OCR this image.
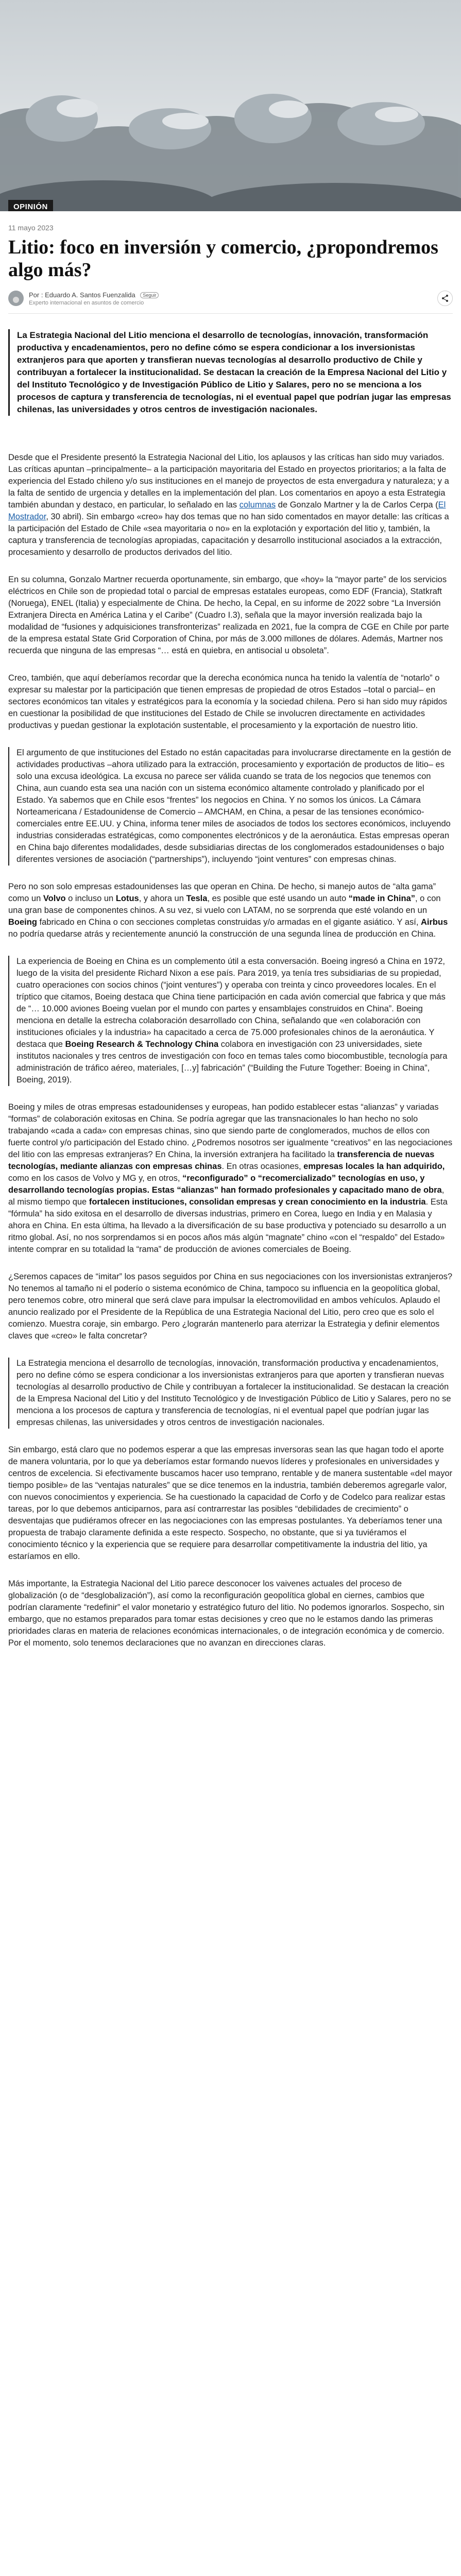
OPINIÓN
11 mayo 2023
Litio: foco en inversión y comercio, ¿propondremos algo más?
Por : Eduardo A. Santos Fuenzalida Seguir
Experto internacional en asuntos de comercio

La Estrategia Nacional del Litio menciona el desarrollo de tecnologías, innovación, transformación productiva y encadenamientos, pero no define cómo se espera condicionar a los inversionistas extranjeros para que aporten y transfieran nuevas tecnologías al desarrollo productivo de Chile y contribuyan a fortalecer la institucionalidad. Se destacan la creación de la Empresa Nacional del Litio y del Instituto Tecnológico y de Investigación Público de Litio y Salares, pero no se menciona a los procesos de captura y transferencia de tecnologías, ni el eventual papel que podrían jugar las empresas chilenas, las universidades y otros centros de investigación nacionales.

Desde que el Presidente presentó la Estrategia Nacional del Litio, los aplausos y las críticas han sido muy variados. Las críticas apuntan –principalmente– a la participación mayoritaria del Estado en proyectos prioritarios; a la falta de experiencia del Estado chileno y/o sus instituciones en el manejo de proyectos de esta envergadura y naturaleza; y a la falta de sentido de urgencia y detalles en la implementación del plan. Los comentarios en apoyo a esta Estrategia también abundan y destaco, en particular, lo señalado en las columnas de Gonzalo Martner y la de Carlos Cerpa (El Mostrador, 30 abril). Sin embargo «creo» hay dos temas que no han sido comentados en mayor detalle: las críticas a la participación del Estado de Chile «sea mayoritaria o no» en la explotación y exportación del litio y, también, la captura y transferencia de tecnologías apropiadas, capacitación y desarrollo institucional asociados a la extracción, procesamiento y desarrollo de productos derivados del litio.

En su columna, Gonzalo Martner recuerda oportunamente, sin embargo, que «hoy» la “mayor parte” de los servicios eléctricos en Chile son de propiedad total o parcial de empresas estatales europeas, como EDF (Francia), Statkraft (Noruega), ENEL (Italia) y especialmente de China. De hecho, la Cepal, en su informe de 2022 sobre “La Inversión Extranjera Directa en América Latina y el Caribe” (Cuadro I.3), señala que la mayor inversión realizada bajo la modalidad de “fusiones y adquisiciones transfronterizas” realizada en 2021, fue la compra de CGE en Chile por parte de la empresa estatal State Grid Corporation of China, por más de 3.000 millones de dólares. Además, Martner nos recuerda que ninguna de las empresas “… está en quiebra, en antisocial u obsoleta”.

Creo, también, que aquí deberíamos recordar que la derecha económica nunca ha tenido la valentía de “notarlo” o expresar su malestar por la participación que tienen empresas de propiedad de otros Estados –total o parcial– en sectores económicos tan vitales y estratégicos para la economía y la sociedad chilena. Pero si han sido muy rápidos en cuestionar la posibilidad de que instituciones del Estado de Chile se involucren directamente en actividades productivas y puedan gestionar la explotación sustentable, el procesamiento y la exportación de nuestro litio.

El argumento de que instituciones del Estado no están capacitadas para involucrarse directamente en la gestión de actividades productivas –ahora utilizado para la extracción, procesamiento y exportación de productos de litio– es solo una excusa ideológica. La excusa no parece ser válida cuando se trata de los negocios que tenemos con China, aun cuando esta sea una nación con un sistema económico altamente controlado y planificado por el Estado. Ya sabemos que en Chile esos “frentes” los negocios en China. Y no somos los únicos. La Cámara Norteamericana / Estadounidense de Comercio – AMCHAM, en China, a pesar de las tensiones económico-comerciales entre EE.UU. y China, informa tener miles de asociados de todos los sectores económicos, incluyendo industrias consideradas estratégicas, como componentes electrónicos y de la aeronáutica. Estas empresas operan en China bajo diferentes modalidades, desde subsidiarias directas de los conglomerados estadounidenses o bajo diferentes versiones de asociación (“partnerships”), incluyendo “joint ventures” con empresas chinas.

Pero no son solo empresas estadounidenses las que operan en China. De hecho, si manejo autos de “alta gama” como un Volvo o incluso un Lotus, y ahora un Tesla, es posible que esté usando un auto “made in China”, o con una gran base de componentes chinos. A su vez, si vuelo con LATAM, no se sorprenda que esté volando en un Boeing fabricado en China o con secciones completas construidas y/o armadas en el gigante asiático. Y así, Airbus no podría quedarse atrás y recientemente anunció la construcción de una segunda línea de producción en China.

La experiencia de Boeing en China es un complemento útil a esta conversación. Boeing ingresó a China en 1972, luego de la visita del presidente Richard Nixon a ese país. Para 2019, ya tenía tres subsidiarias de su propiedad, cuatro operaciones con socios chinos (“joint ventures”) y operaba con treinta y cinco proveedores locales. En el tríptico que citamos, Boeing destaca que China tiene participación en cada avión comercial que fabrica y que más de “… 10.000 aviones Boeing vuelan por el mundo con partes y ensamblajes construidos en China”. Boeing menciona en detalle la estrecha colaboración desarrollado con China, señalando que «en colaboración con instituciones oficiales y la industria» ha capacitado a cerca de 75.000 profesionales chinos de la aeronáutica. Y destaca que Boeing Research & Technology China colabora en investigación con 23 universidades, siete institutos nacionales y tres centros de investigación con foco en temas tales como biocombustible, tecnología para administración de tráfico aéreo, materiales, […y] fabricación” (“Building the Future Together: Boeing in China”, Boeing, 2019).

Boeing y miles de otras empresas estadounidenses y europeas, han podido establecer estas “alianzas” y variadas “formas” de colaboración exitosas en China. Se podría agregar que las transnacionales lo han hecho no solo trabajando «cada a cada» con empresas chinas, sino que siendo parte de conglomerados, muchos de ellos con fuerte control y/o participación del Estado chino. ¿Podremos nosotros ser igualmente “creativos” en las negociaciones del litio con las empresas extranjeras? En China, la inversión extranjera ha facilitado la transferencia de nuevas tecnologías, mediante alianzas con empresas chinas. En otras ocasiones, empresas locales la han adquirido, como en los casos de Volvo y MG y, en otros, “reconfigurado” o “recomercializado” tecnologías en uso, y desarrollando tecnologías propias. Estas “alianzas” han formado profesionales y capacitado mano de obra, al mismo tiempo que fortalecen instituciones, consolidan empresas y crean conocimiento en la industria. Esta “fórmula” ha sido exitosa en el desarrollo de diversas industrias, primero en Corea, luego en India y en Malasia y ahora en China. En esta última, ha llevado a la diversificación de su base productiva y potenciado su desarrollo a un ritmo global. Así, no nos sorprendamos si en pocos años más algún “magnate” chino «con el “respaldo” del Estado» intente comprar en su totalidad la “rama” de producción de aviones comerciales de Boeing.

¿Seremos capaces de “imitar” los pasos seguidos por China en sus negociaciones con los inversionistas extranjeros? No tenemos al tamaño ni el poderío o sistema económico de China, tampoco su influencia en la geopolítica global, pero tenemos cobre, otro mineral que será clave para impulsar la electromovilidad en ambos vehículos. Aplaudo el anuncio realizado por el Presidente de la República de una Estrategia Nacional del Litio, pero creo que es solo el comienzo. Muestra coraje, sin embargo. Pero ¿lograrán mantenerlo para aterrizar la Estrategia y definir elementos claves que «creo» le falta concretar?

La Estrategia menciona el desarrollo de tecnologías, innovación, transformación productiva y encadenamientos, pero no define cómo se espera condicionar a los inversionistas extranjeros para que aporten y transfieran nuevas tecnologías al desarrollo productivo de Chile y contribuyan a fortalecer la institucionalidad. Se destacan la creación de la Empresa Nacional del Litio y del Instituto Tecnológico y de Investigación Público de Litio y Salares, pero no se menciona a los procesos de captura y transferencia de tecnologías, ni el eventual papel que podrían jugar las empresas chilenas, las universidades y otros centros de investigación nacionales.

Sin embargo, está claro que no podemos esperar a que las empresas inversoras sean las que hagan todo el aporte de manera voluntaria, por lo que ya deberíamos estar formando nuevos líderes y profesionales en universidades y centros de excelencia. Si efectivamente buscamos hacer uso temprano, rentable y de manera sustentable «del mayor tiempo posible» de las “ventajas naturales” que se dice tenemos en la industria, también deberemos agregarle valor, con nuevos conocimientos y experiencia. Se ha cuestionado la capacidad de Corfo y de Codelco para realizar estas tareas, por lo que debemos anticiparnos, para así contrarrestar las posibles “debilidades de crecimiento” o desventajas que pudiéramos ofrecer en las negociaciones con las empresas postulantes. Ya deberíamos tener una propuesta de trabajo claramente definida a este respecto. Sospecho, no obstante, que si ya tuviéramos el conocimiento técnico y la experiencia que se requiere para desarrollar competitivamente la industria del litio, ya estaríamos en ello.

Más importante, la Estrategia Nacional del Litio parece desconocer los vaivenes actuales del proceso de globalización (o de “desglobalización”), así como la reconfiguración geopolítica global en ciernes, cambios que podrían claramente “redefinir” el valor monetario y estratégico futuro del litio. No podemos ignorarlos. Sospecho, sin embargo, que no estamos preparados para tomar estas decisiones y creo que no le estamos dando las primeras prioridades claras en materia de relaciones económicas internacionales, o de integración económica y de comercio. Por el momento, solo tenemos declaraciones que no avanzan en direcciones claras.
